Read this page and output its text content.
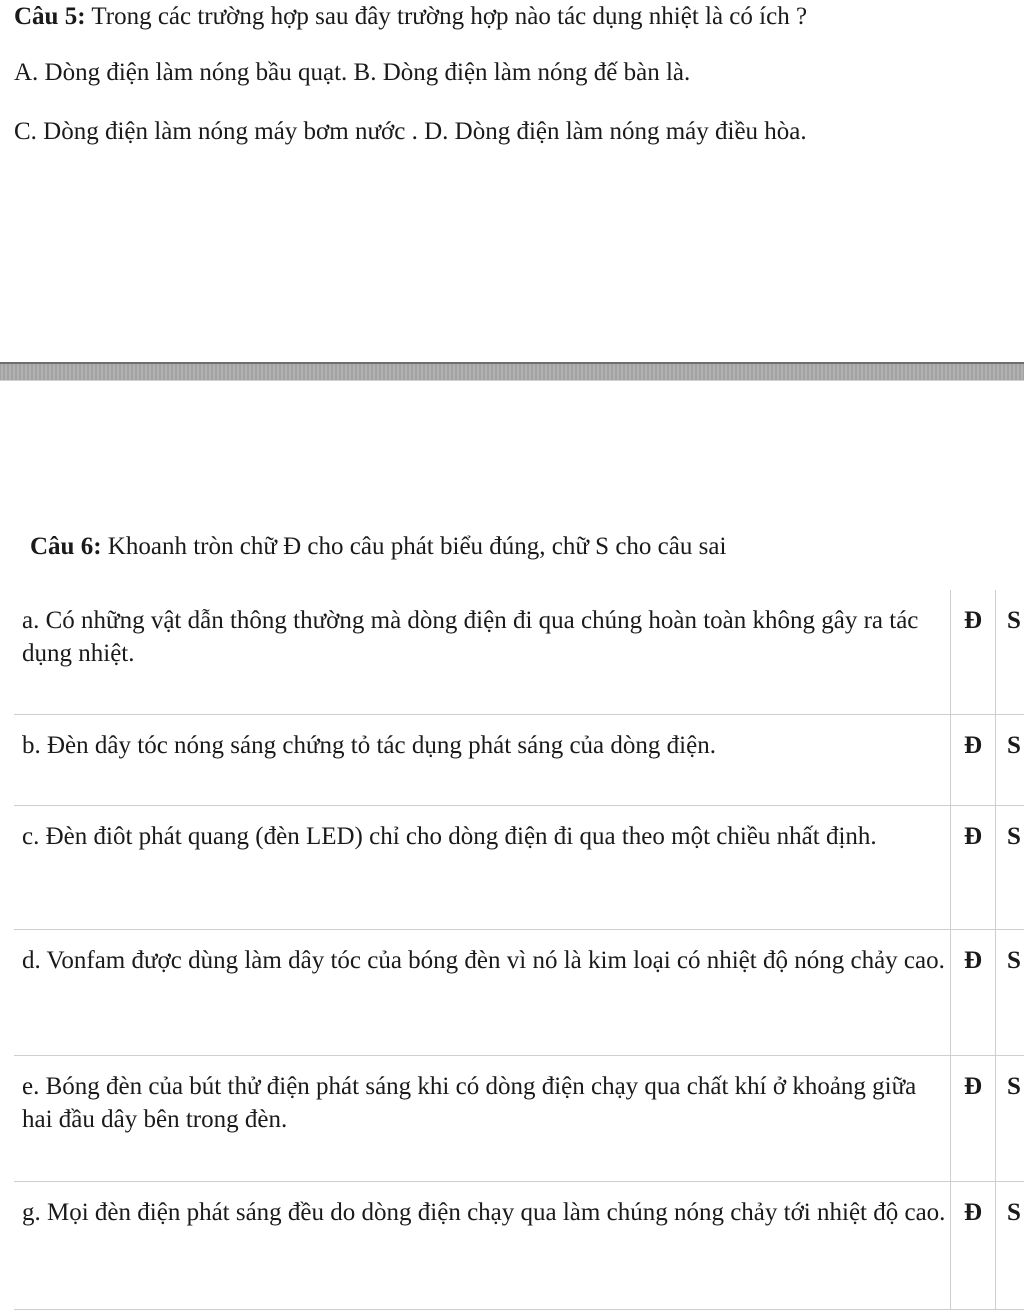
Câu 5: Trong các trường hợp sau đây trường hợp nào tác dụng nhiệt là có ích ?
A. Dòng điện làm nóng bầu quạt. B. Dòng điện làm nóng đế bàn là.
C. Dòng điện làm nóng máy bơm nước . D. Dòng điện làm nóng máy điều hòa.
Câu 6: Khoanh tròn chữ Đ cho câu phát biểu đúng, chữ S cho câu sai
a. Có những vật dẫn thông thường mà dòng điện đi qua chúng hoàn toàn không gây ra tác dụng nhiệt.	Đ	S
b. Đèn dây tóc nóng sáng chứng tỏ tác dụng phát sáng của dòng điện.	Đ	S
c. Đèn điôt phát quang (đèn LED) chỉ cho dòng điện đi qua theo một chiều nhất định.	Đ	S
d. Vonfam được dùng làm dây tóc của bóng đèn vì nó là kim loại có nhiệt độ nóng chảy cao.	Đ	S
e. Bóng đèn của bút thử điện phát sáng khi có dòng điện chạy qua chất khí ở khoảng giữa hai đầu dây bên trong đèn.	Đ	S
g. Mọi đèn điện phát sáng đều do dòng điện chạy qua làm chúng nóng chảy tới nhiệt độ cao.	Đ	S
